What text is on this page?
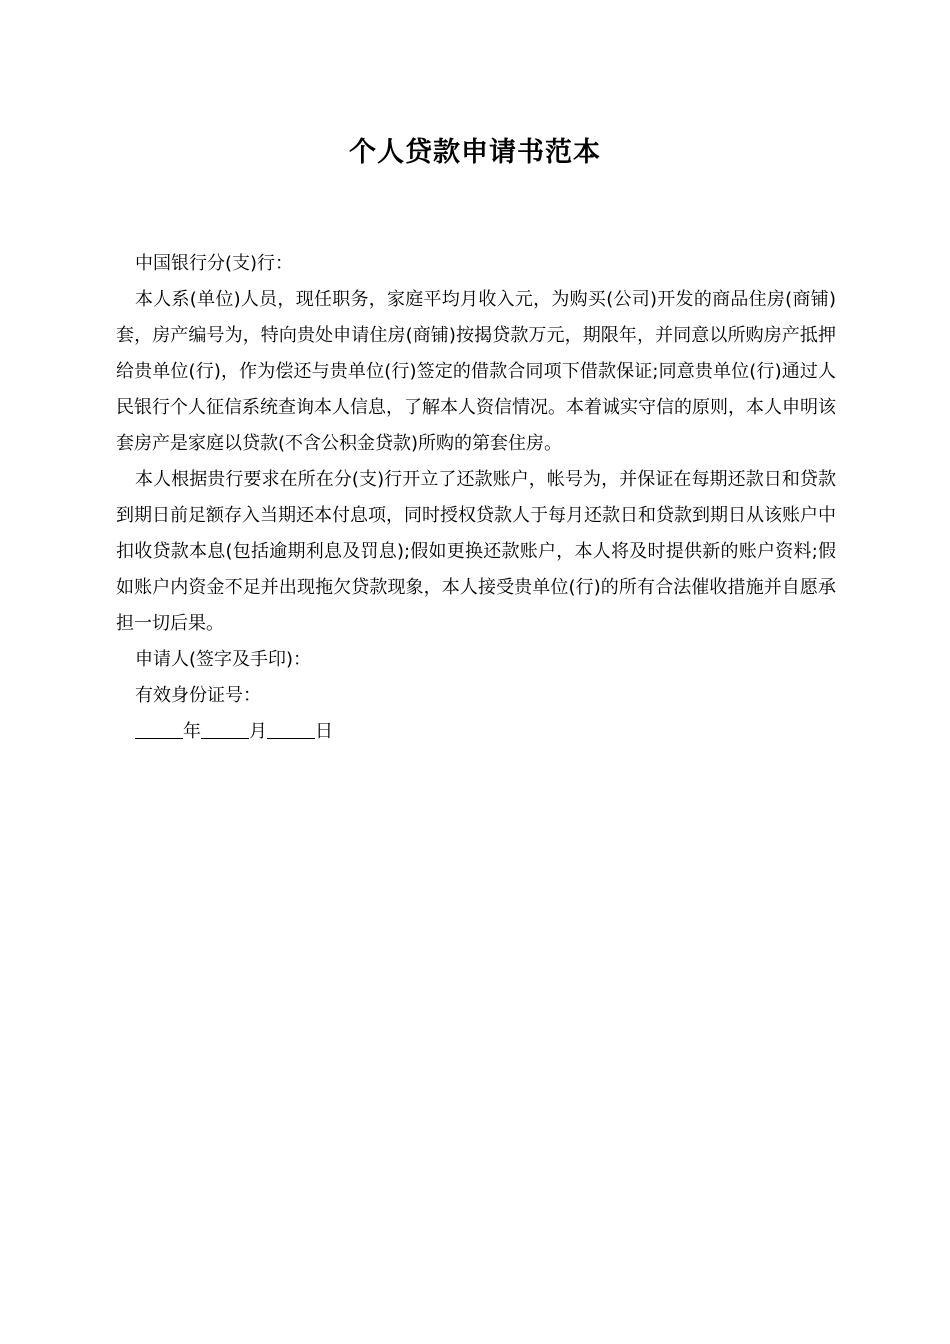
个人贷款申请书范本

中国银行分(支)行：

本人系(单位)人员，现任职务，家庭平均月收入元，为购买(公司)开发的商品住房(商铺)套，房产编号为，特向贵处申请住房(商铺)按揭贷款万元，期限年，并同意以所购房产抵押给贵单位(行)，作为偿还与贵单位(行)签定的借款合同项下借款保证;同意贵单位(行)通过人民银行个人征信系统查询本人信息，了解本人资信情况。本着诚实守信的原则，本人申明该套房产是家庭以贷款(不含公积金贷款)所购的第套住房。

本人根据贵行要求在所在分(支)行开立了还款账户，帐号为，并保证在每期还款日和贷款到期日前足额存入当期还本付息项，同时授权贷款人于每月还款日和贷款到期日从该账户中扣收贷款本息(包括逾期利息及罚息);假如更换还款账户，本人将及时提供新的账户资料;假如账户内资金不足并出现拖欠贷款现象，本人接受贵单位(行)的所有合法催收措施并自愿承担一切后果。

申请人(签字及手印)：

有效身份证号：

年	月	日
